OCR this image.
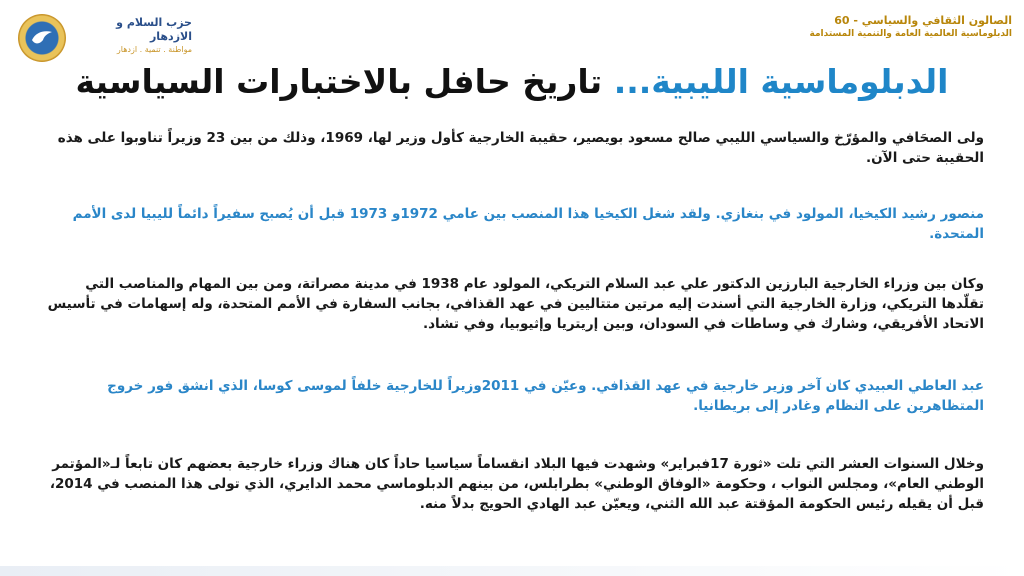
الصالون الثقافي والسياسي - 60
الدبلوماسية العالمية العامة والتنمية المستدامة
حزب السلام و الازدهار
مواطنة . تنمية . ازدهار
الدبلوماسية الليبية... تاريخ حافل بالاختبارات السياسية

ولى الصحَافي والمؤرّخ والسياسي الليبي صالح مسعود بويصير، حقيبة الخارجية كأول وزير لها، 1969، وذلك من بين 23 وزيراً تناوبوا على هذه الحقيبة حتى الآن.

منصور رشيد الكيخيا، المولود في بنغازي. ولقد شغل الكيخيا هذا المنصب بين عامي 1972و 1973 قبل أن يُصبح سفيراً دائماً لليبيا لدى الأمم المتحدة.

وكان بين وزراء الخارجية البارزين الدكتور علي عبد السلام التريكي، المولود عام 1938 في مدينة مصراتة، ومن بين المهام والمناصب التي تقلّدها التريكي، وزارة الخارجية التي أسندت إليه مرتين متتاليين في عهد القذافي، بجانب السفارة في الأمم المتحدة، وله إسهامات في تأسيس الاتحاد الأفريقي، وشارك في وساطات في السودان، وبين إريتريا وإثيوبيا، وفي تشاد.

عبد العاطي العبيدي كان آخر وزير خارجية في عهد القذافي. وعيّن في 2011وزيراً للخارجية خلفاً لموسى كوسا، الذي انشق فور خروج المتظاهرين على النظام وغادر إلى بريطانيا.

وخلال السنوات العشر التي تلت «ثورة 17فبراير» وشهدت فيها البلاد انقساماً سياسيا حاداً كان هناك وزراء خارجية بعضهم كان تابعاً لـ«المؤتمر الوطني العام»، ومجلس النواب ، وحكومة «الوفاق الوطني» بطرابلس، من بينهم الدبلوماسي محمد الدايري، الذي تولى هذا المنصب في 2014، قبل أن يقيله رئيس الحكومة المؤقتة عبد الله الثني، ويعيّن عبد الهادي الحويج بدلاً منه.
